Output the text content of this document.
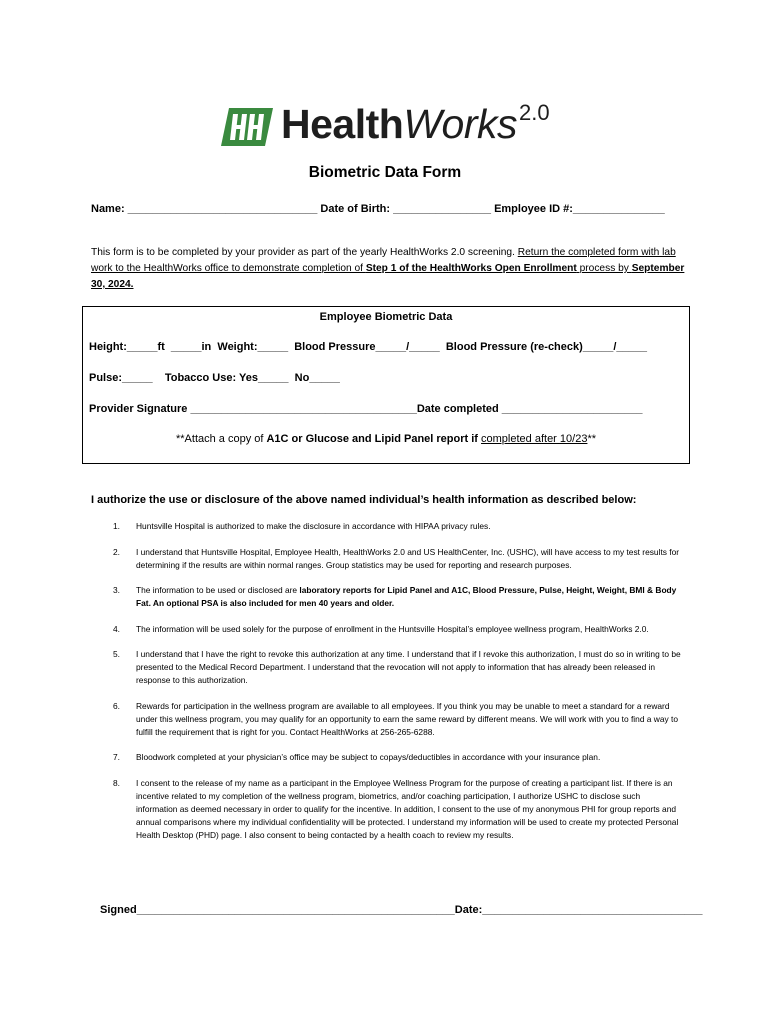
Health Works 2.0
Biometric Data Form
Name: _______________________________ Date of Birth: ________________ Employee ID #:_______________
This form is to be completed by your provider as part of the yearly HealthWorks 2.0 screening. Return the completed form with lab work to the HealthWorks office to demonstrate completion of Step 1 of the HealthWorks Open Enrollment process by September 30, 2024.
Employee Biometric Data
Height:_____ft  _____in  Weight:_____  Blood Pressure_____/_____  Blood Pressure (re-check)_____/_____
Pulse:_____    Tobacco Use: Yes_____  No_____
Provider Signature _____________________________________Date completed _______________________
**Attach a copy of A1C or Glucose and Lipid Panel report if completed after 10/23**
I authorize the use or disclosure of the above named individual’s health information as described below:
1. Huntsville Hospital is authorized to make the disclosure in accordance with HIPAA privacy rules.
2. I understand that Huntsville Hospital, Employee Health, HealthWorks 2.0 and US HealthCenter, Inc. (USHC), will have access to my test results for determining if the results are within normal ranges. Group statistics may be used for reporting and research purposes.
3. The information to be used or disclosed are laboratory reports for Lipid Panel and A1C, Blood Pressure, Pulse, Height, Weight, BMI & Body Fat. An optional PSA is also included for men 40 years and older.
4. The information will be used solely for the purpose of enrollment in the Huntsville Hospital’s employee wellness program, HealthWorks 2.0.
5. I understand that I have the right to revoke this authorization at any time. I understand that if I revoke this authorization, I must do so in writing to be presented to the Medical Record Department. I understand that the revocation will not apply to information that has already been released in response to this authorization.
6. Rewards for participation in the wellness program are available to all employees. If you think you may be unable to meet a standard for a reward under this wellness program, you may qualify for an opportunity to earn the same reward by different means. We will work with you to find a way to fulfill the requirement that is right for you. Contact HealthWorks at 256-265-6288.
7. Bloodwork completed at your physician’s office may be subject to copays/deductibles in accordance with your insurance plan.
8. I consent to the release of my name as a participant in the Employee Wellness Program for the purpose of creating a participant list. If there is an incentive related to my completion of the wellness program, biometrics, and/or coaching participation, I authorize USHC to disclose such information as deemed necessary in order to qualify for the incentive. In addition, I consent to the use of my anonymous PHI for group reports and annual comparisons where my individual confidentiality will be protected. I understand my information will be used to create my protected Personal Health Desktop (PHD) page. I also consent to being contacted by a health coach to review my results.
Signed____________________________________________________Date:____________________________________
